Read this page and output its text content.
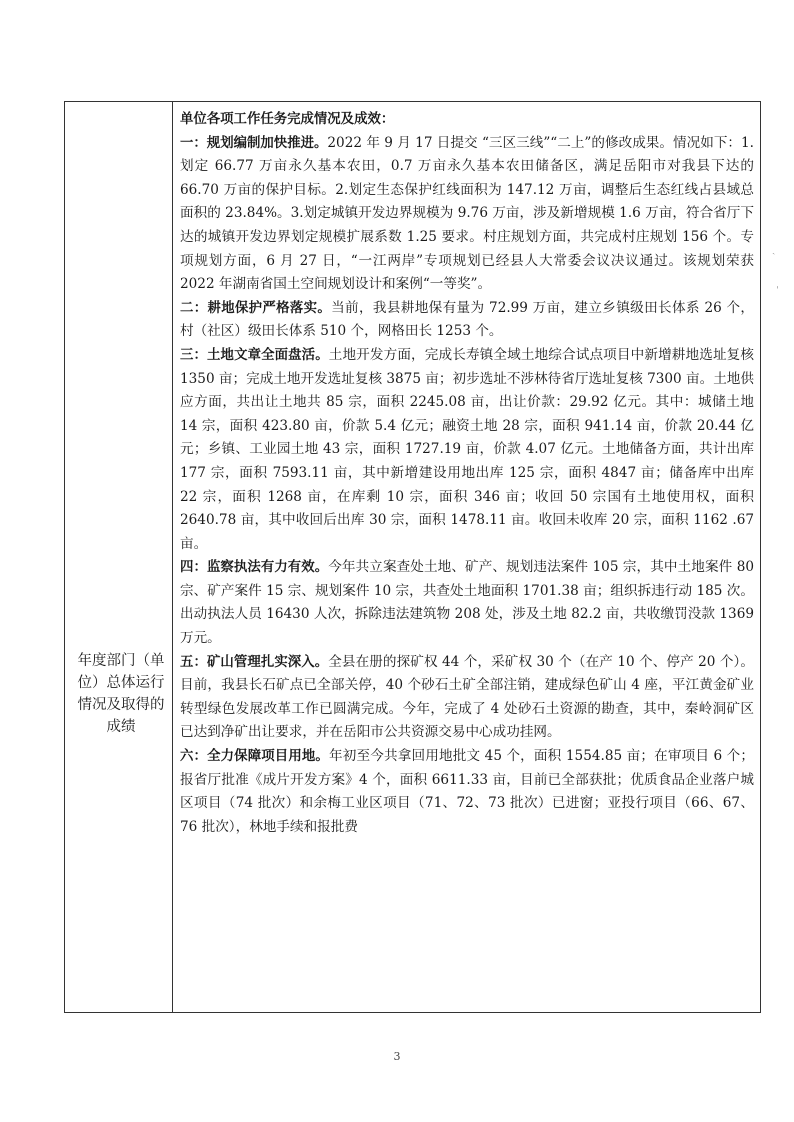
年度部门（单位）总体运行情况及取得的成绩

单位各项工作任务完成情况及成效：

一：规划编制加快推进。2022 年 9 月 17 日提交 “三区三线”“二上”的修改成果。情况如下：1.划定 66.77 万亩永久基本农田，0.7 万亩永久基本农田储备区，满足岳阳市对我县下达的 66.70 万亩的保护目标。2.划定生态保护红线面积为 147.12 万亩，调整后生态红线占县域总面积的 23.84%。3.划定城镇开发边界规模为 9.76 万亩，涉及新增规模 1.6 万亩，符合省厅下达的城镇开发边界划定规模扩展系数 1.25 要求。村庄规划方面，共完成村庄规划 156 个。专项规划方面，6 月 27 日，“一江两岸”专项规划已经县人大常委会议决议通过。该规划荣获 2022 年湖南省国土空间规划设计和案例“一等奖”。

二：耕地保护严格落实。当前，我县耕地保有量为 72.99 万亩，建立乡镇级田长体系 26 个，村（社区）级田长体系 510 个，网格田长 1253 个。

三：土地文章全面盘活。土地开发方面，完成长寿镇全域土地综合试点项目中新增耕地选址复核 1350 亩；完成土地开发选址复核 3875 亩；初步选址不涉林待省厅选址复核 7300 亩。土地供应方面，共出让土地共 85 宗，面积 2245.08 亩，出让价款：29.92 亿元。其中：城储土地 14 宗，面积 423.80 亩，价款 5.4 亿元；融资土地 28 宗，面积 941.14 亩，价款 20.44 亿元；乡镇、工业园土地 43 宗，面积 1727.19 亩，价款 4.07 亿元。土地储备方面，共计出库 177 宗，面积 7593.11 亩，其中新增建设用地出库 125 宗，面积 4847 亩；储备库中出库 22 宗，面积 1268 亩，在库剩 10 宗，面积 346 亩；收回 50 宗国有土地使用权，面积 2640.78 亩，其中收回后出库 30 宗，面积 1478.11 亩。收回未收库 20 宗，面积 1162 .67 亩。

四：监察执法有力有效。今年共立案查处土地、矿产、规划违法案件 105 宗，其中土地案件 80 宗、矿产案件 15 宗、规划案件 10 宗，共查处土地面积 1701.38 亩；组织拆违行动 185 次。出动执法人员 16430 人次，拆除违法建筑物 208 处，涉及土地 82.2 亩，共收缴罚没款 1369 万元。

五：矿山管理扎实深入。全县在册的探矿权 44 个，采矿权 30 个（在产 10 个、停产 20 个）。目前，我县长石矿点已全部关停，40 个砂石土矿全部注销，建成绿色矿山 4 座，平江黄金矿业转型绿色发展改革工作已圆满完成。今年，完成了 4 处砂石土资源的勘查，其中，秦岭洞矿区已达到净矿出让要求，并在岳阳市公共资源交易中心成功挂网。

六：全力保障项目用地。年初至今共拿回用地批文 45 个，面积 1554.85 亩；在审项目 6 个；报省厅批准《成片开发方案》4 个，面积 6611.33 亩，目前已全部获批；优质食品企业落户城区项目（74 批次）和余梅工业区项目（71、72、73 批次）已进窗；亚投行项目（66、67、76 批次），林地手续和报批费

ˎ
ˈ
3
